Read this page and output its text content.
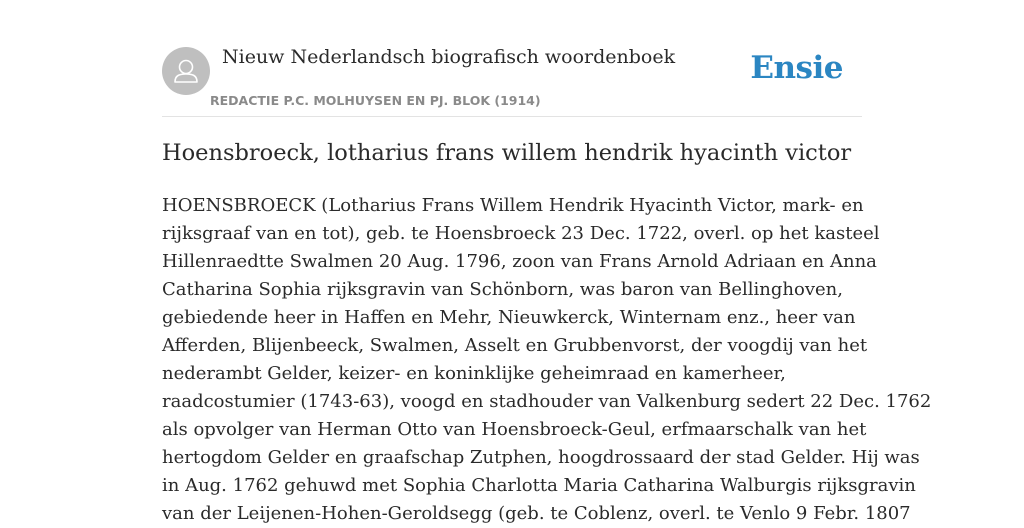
Nieuw Nederlandsch biografisch woordenboek
REDACTIE P.C. MOLHUYSEN EN PJ. BLOK (1914)
Ensie
Hoensbroeck, lotharius frans willem hendrik hyacinth victor

HOENSBROECK (Lotharius Frans Willem Hendrik Hyacinth Victor, mark- en
rijksgraaf van en tot), geb. te Hoensbroeck 23 Dec. 1722, overl. op het kasteel
Hillenraedtte Swalmen 20 Aug. 1796, zoon van Frans Arnold Adriaan en Anna
Catharina Sophia rijksgravin van Schönborn, was baron van Bellinghoven,
gebiedende heer in Haffen en Mehr, Nieuwkerck, Winternam enz., heer van
Afferden, Blijenbeeck, Swalmen, Asselt en Grubbenvorst, der voogdij van het
nederambt Gelder, keizer- en koninklijke geheimraad en kamerheer,
raadcostumier (1743-63), voogd en stadhouder van Valkenburg sedert 22 Dec. 1762
als opvolger van Herman Otto van Hoensbroeck-Geul, erfmaarschalk van het
hertogdom Gelder en graafschap Zutphen, hoogdrossaard der stad Gelder. Hij was
in Aug. 1762 gehuwd met Sophia Charlotta Maria Catharina Walburgis rijksgravin
van der Leijenen-Hohen-Geroldsegg (geb. te Coblenz, overl. te Venlo 9 Febr. 1807
